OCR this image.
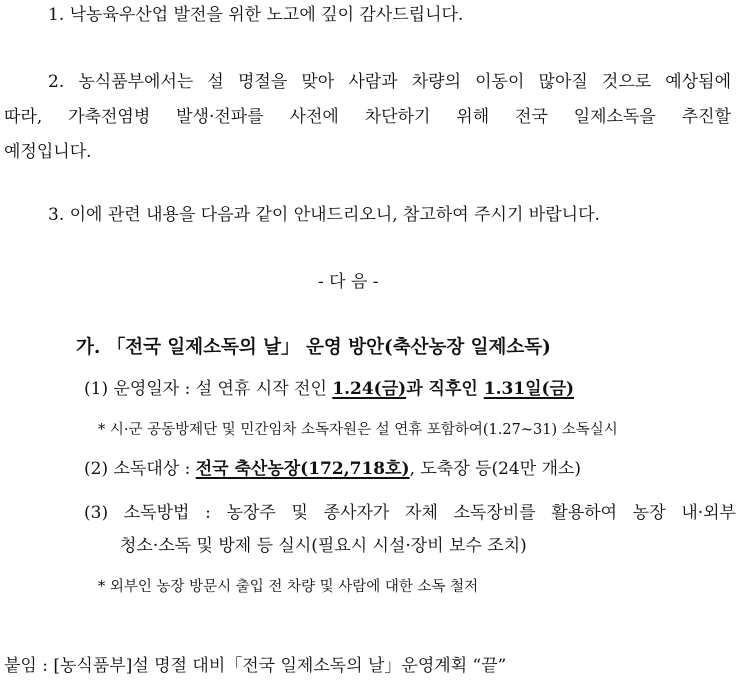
1. 낙농육우산업 발전을 위한 노고에 깊이 감사드립니다.
2. 농식품부에서는 설 명절을 맞아 사람과 차량의 이동이 많아질 것으로 예상됨에
따라, 가축전염병 발생·전파를 사전에 차단하기 위해 전국 일제소독을 추진할
예정입니다.
3. 이에 관련 내용을 다음과 같이 안내드리오니, 참고하여 주시기 바랍니다.
- 다 음 -
가. 「전국 일제소독의 날」 운영 방안(축산농장 일제소독)
(1) 운영일자 : 설 연휴 시작 전인 1.24(금)과 직후인 1.31일(금)
* 시·군 공동방제단 및 민간임차 소독자원은 설 연휴 포함하여(1.27~31) 소독실시
(2) 소독대상 : 전국 축산농장(172,718호), 도축장 등(24만 개소)
(3) 소독방법 : 농장주 및 종사자가 자체 소독장비를 활용하여 농장 내·외부
청소·소독 및 방제 등 실시(필요시 시설·장비 보수 조치)
* 외부인 농장 방문시 출입 전 차량 및 사람에 대한 소독 철저
붙임 : [농식품부]설 명절 대비「전국 일제소독의 날」운영계획 “끝”
